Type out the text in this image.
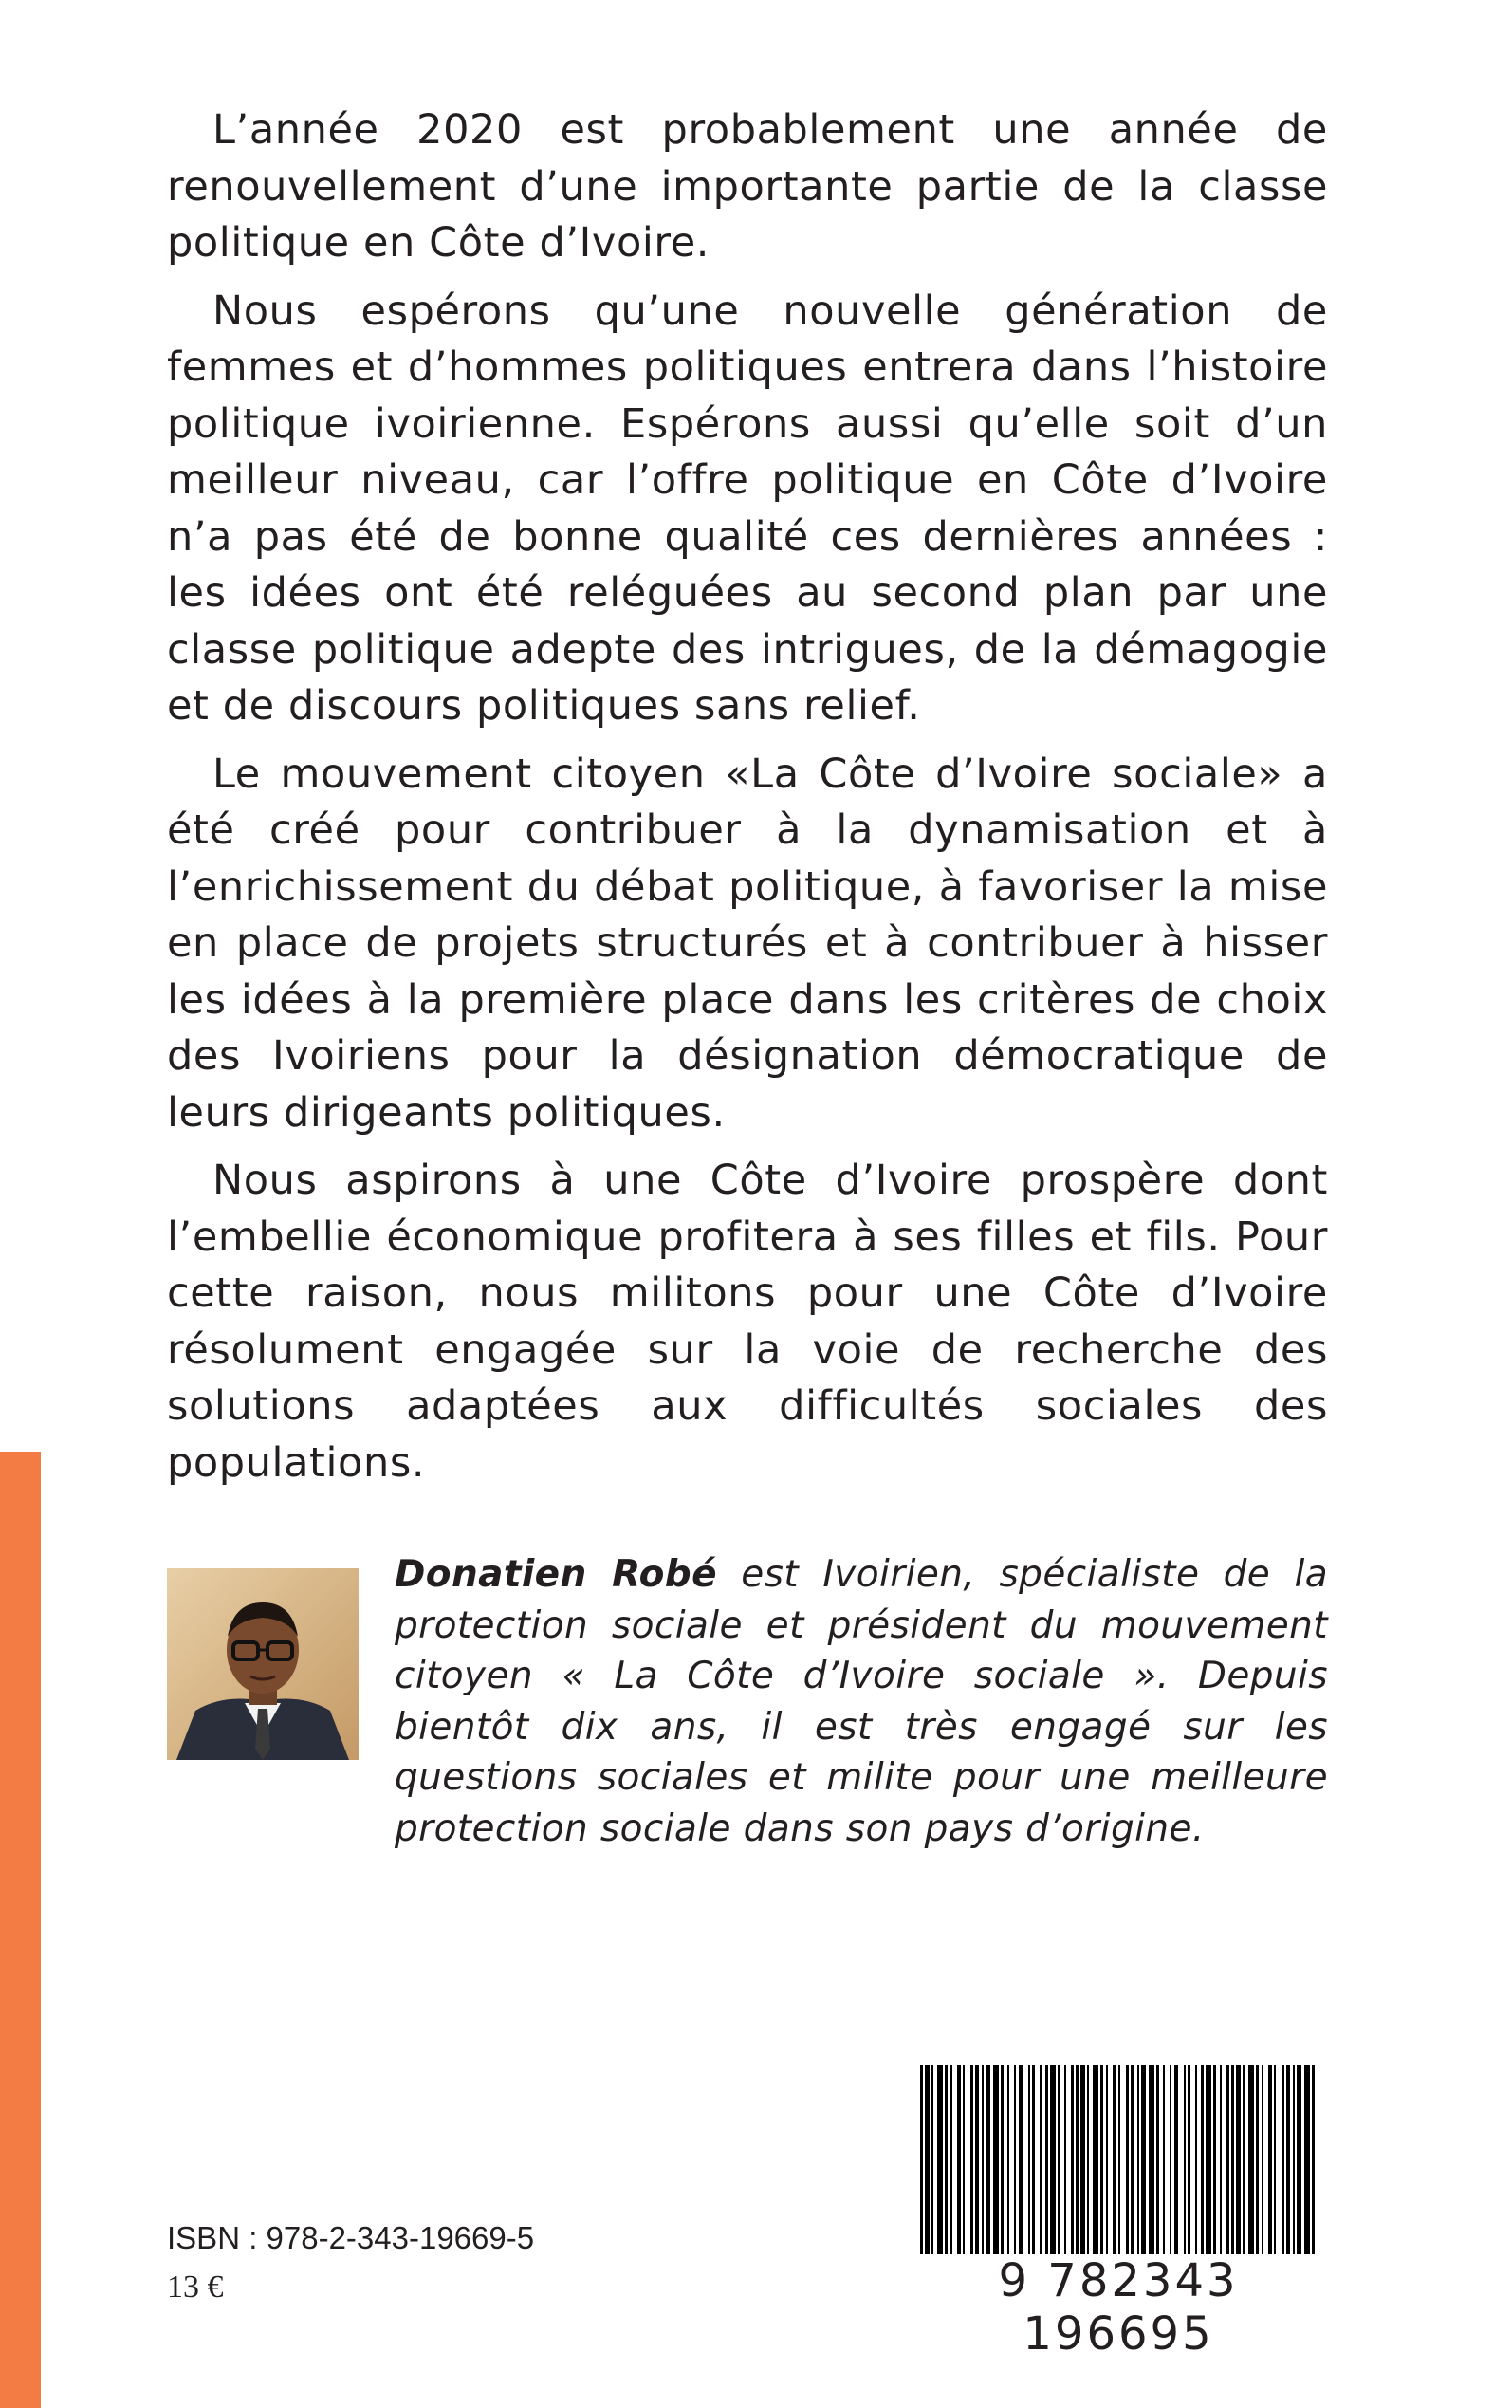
L’année 2020 est probablement une année de renouvellement d’une importante partie de la classe politique en Côte d’Ivoire.

Nous espérons qu’une nouvelle génération de femmes et d’hommes politiques entrera dans l’histoire politique ivoirienne. Espérons aussi qu’elle soit d’un meilleur niveau, car l’offre politique en Côte d’Ivoire n’a pas été de bonne qualité ces dernières années : les idées ont été reléguées au second plan par une classe politique adepte des intrigues, de la démagogie et de discours politiques sans relief.

Le mouvement citoyen «La Côte d’Ivoire sociale» a été créé pour contribuer à la dynamisation et à l’enrichissement du débat politique, à favoriser la mise en place de projets structurés et à contribuer à hisser les idées à la première place dans les critères de choix des Ivoiriens pour la désignation démocratique de leurs dirigeants politiques.

Nous aspirons à une Côte d’Ivoire prospère dont l’embellie économique profitera à ses filles et fils. Pour cette raison, nous militons pour une Côte d’Ivoire résolument engagée sur la voie de recherche des solutions adaptées aux difficultés sociales des populations.

Donatien Robé est Ivoirien, spécialiste de la protection sociale et président du mouvement citoyen « La Côte d’Ivoire sociale ». Depuis bientôt dix ans, il est très engagé sur les questions sociales et milite pour une meilleure protection sociale dans son pays d’origine.
ISBN : 978-2-343-19669-5
13 €	9 782343 196695
